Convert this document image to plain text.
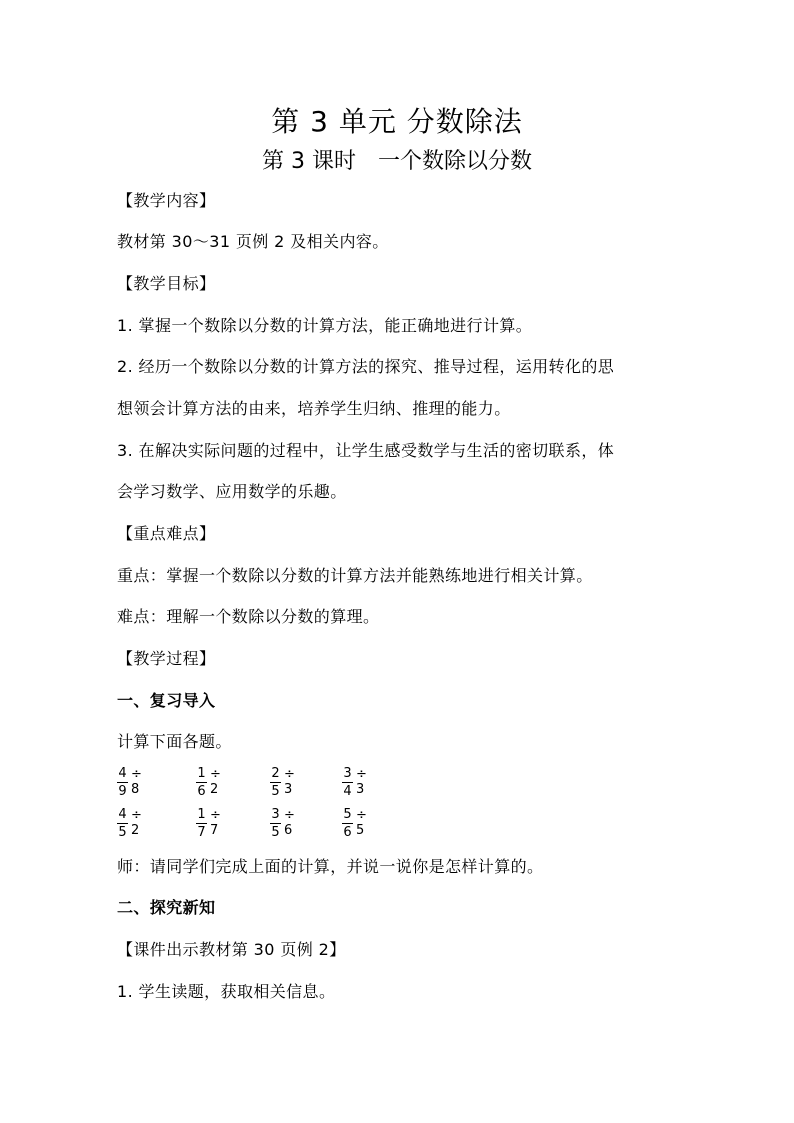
第 3 单元 分数除法
第 3 课时 一个数除以分数
【教学内容】
教材第 30～31 页例 2 及相关内容。
【教学目标】
1. 掌握一个数除以分数的计算方法，能正确地进行计算。
2. 经历一个数除以分数的计算方法的探究、推导过程，运用转化的思
想领会计算方法的由来，培养学生归纳、推理的能力。
3. 在解决实际问题的过程中，让学生感受数学与生活的密切联系，体
会学习数学、应用数学的乐趣。
【重点难点】
重点：掌握一个数除以分数的计算方法并能熟练地进行相关计算。
难点：理解一个数除以分数的算理。
【教学过程】
一、复习导入
计算下面各题。
$\frac{4}{9} \div 8$	$\frac{1}{6} \div 2$	$\frac{2}{5} \div 3$	$\frac{3}{4} \div 3$
$\frac{4}{5} \div 2$	$\frac{1}{7} \div 7$	$\frac{3}{5} \div 6$	$\frac{5}{6} \div 5$
师：请同学们完成上面的计算，并说一说你是怎样计算的。
二、探究新知
【课件出示教材第 30 页例 2】
1. 学生读题，获取相关信息。
